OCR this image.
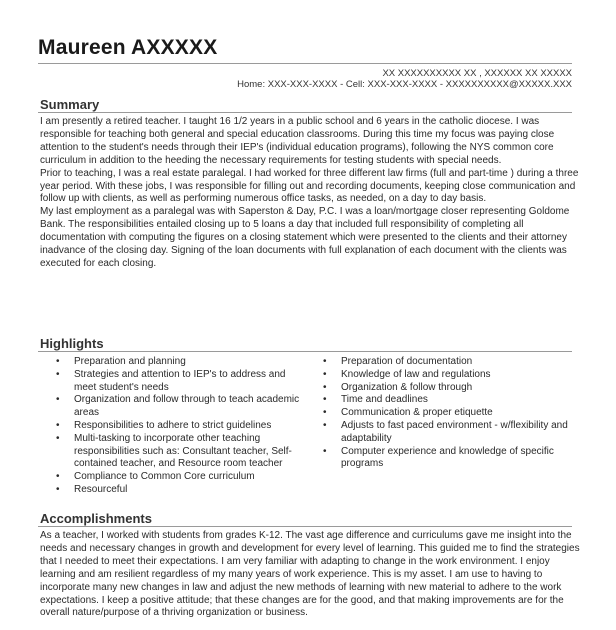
Maureen AXXXXX
XX XXXXXXXXXX XX , XXXXXX XX XXXXX
Home: XXX-XXX-XXXX - Cell: XXX-XXX-XXXX - XXXXXXXXXX@XXXXX.XXX
Summary

I am presently a retired teacher. I taught 16 1/2 years in a public school and 6 years in the catholic diocese. I was responsible for teaching both general and special education classrooms. During this time my focus was paying close attention to the student's needs through their IEP's (individual education programs), following the NYS common core curriculum in addition to the heeding the necessary requirements for testing students with special needs.

Prior to teaching, I was a real estate paralegal. I had worked for three different law firms (full and part-time ) during a three year period. With these jobs, I was responsible for filling out and recording documents, keeping close communication and follow up with clients, as well as performing numerous office tasks, as needed, on a day to day basis.

My last employment as a paralegal was with Saperston & Day, P.C. I was a loan/mortgage closer representing Goldome Bank. The responsibilities entailed closing up to 5 loans a day that included full responsibility of completing all documentation with computing the figures on a closing statement which were presented to the clients and their attorney inadvance of the closing day. Signing of the loan documents with full explanation of each document with the clients was executed for each closing.

Highlights
• Preparation and planning
• Strategies and attention to IEP's to address and meet student's needs
• Organization and follow through to teach academic areas
• Responsibilities to adhere to strict guidelines
• Multi-tasking to incorporate other teaching responsibilities such as: Consultant teacher, Self-contained teacher, and Resource room teacher
• Compliance to Common Core curriculum
• Resourceful
• Preparation of documentation
• Knowledge of law and regulations
• Organization & follow through
• Time and deadlines
• Communication & proper etiquette
• Adjusts to fast paced environment - w/flexibility and adaptability
• Computer experience and knowledge of specific programs
Accomplishments
As a teacher, I worked with students from grades K-12. The vast age difference and curriculums gave me insight into the needs and necessary changes in growth and development for every level of learning. This guided me to find the strategies that I needed to meet their expectations. I am very familiar with adapting to change in the work environment. I enjoy learning and am resilient regardless of my many years of work experience. This is my asset. I am use to having to incorporate many new changes in law and adjust the new methods of learning with new material to adhere to the work expectations. I keep a positive attitude; that these changes are for the good, and that making improvements are for the overall nature/purpose of a thriving organization or business.
